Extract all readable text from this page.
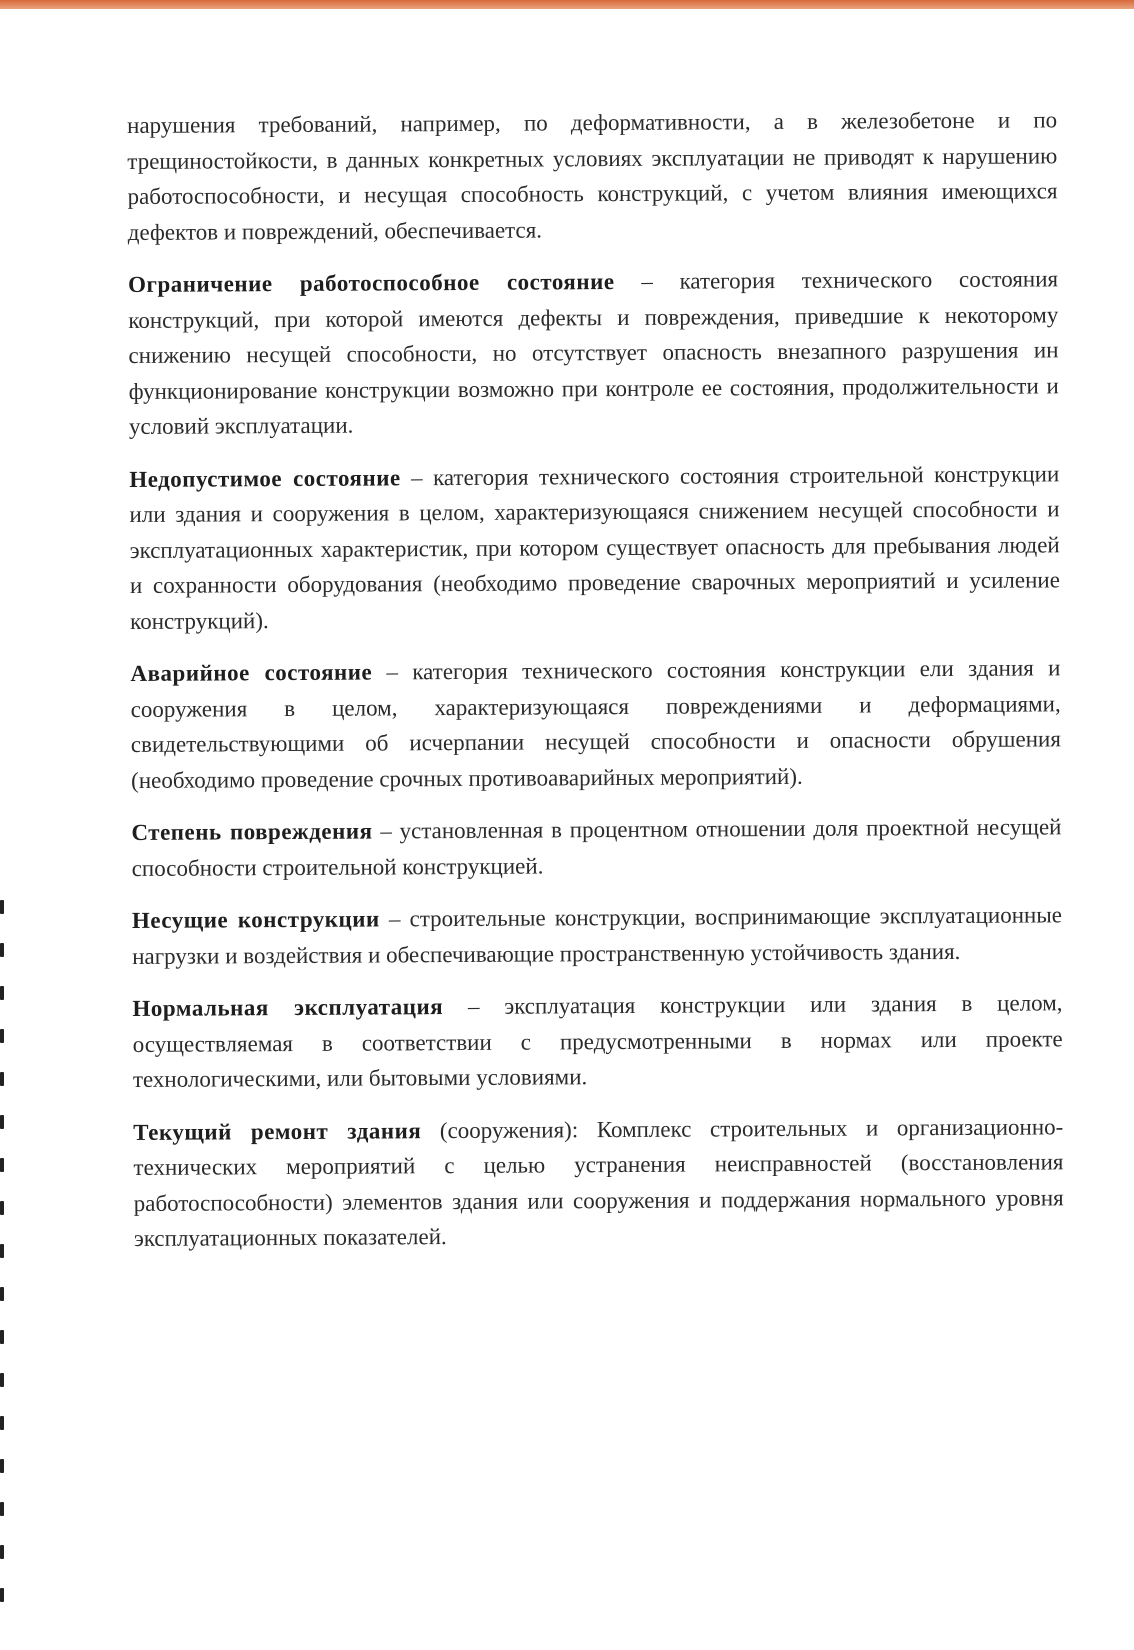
нарушения требований, например, по деформативности, а в железобетоне и по трещиностойкости, в данных конкретных условиях эксплуатации не приводят к нарушению работоспособности, и несущая способность конструкций, с учетом влияния имеющихся дефектов и повреждений, обеспечивается.

Ограничение работоспособное состояние – категория технического состояния конструкций, при которой имеются дефекты и повреждения, приведшие к некоторому снижению несущей способности, но отсутствует опасность внезапного разрушения ин функционирование конструкции возможно при контроле ее состояния, продолжительности и условий эксплуатации.

Недопустимое состояние – категория технического состояния строительной конструкции или здания и сооружения в целом, характеризующаяся снижением несущей способности и эксплуатационных характеристик, при котором существует опасность для пребывания людей и сохранности оборудования (необходимо проведение сварочных мероприятий и усиление конструкций).

Аварийное состояние – категория технического состояния конструкции ели здания и сооружения в целом, характеризующаяся повреждениями и деформациями, свидетельствующими об исчерпании несущей способности и опасности обрушения (необходимо проведение срочных противоаварийных мероприятий).

Степень повреждения – установленная в процентном отношении доля проектной несущей способности строительной конструкцией.

Несущие конструкции – строительные конструкции, воспринимающие эксплуатационные нагрузки и воздействия и обеспечивающие пространственную устойчивость здания.

Нормальная эксплуатация – эксплуатация конструкции или здания в целом, осуществляемая в соответствии с предусмотренными в нормах или проекте технологическими, или бытовыми условиями.

Текущий ремонт здания (сооружения): Комплекс строительных и организационно-технических мероприятий с целью устранения неисправностей (восстановления работоспособности) элементов здания или сооружения и поддержания нормального уровня эксплуатационных показателей.
